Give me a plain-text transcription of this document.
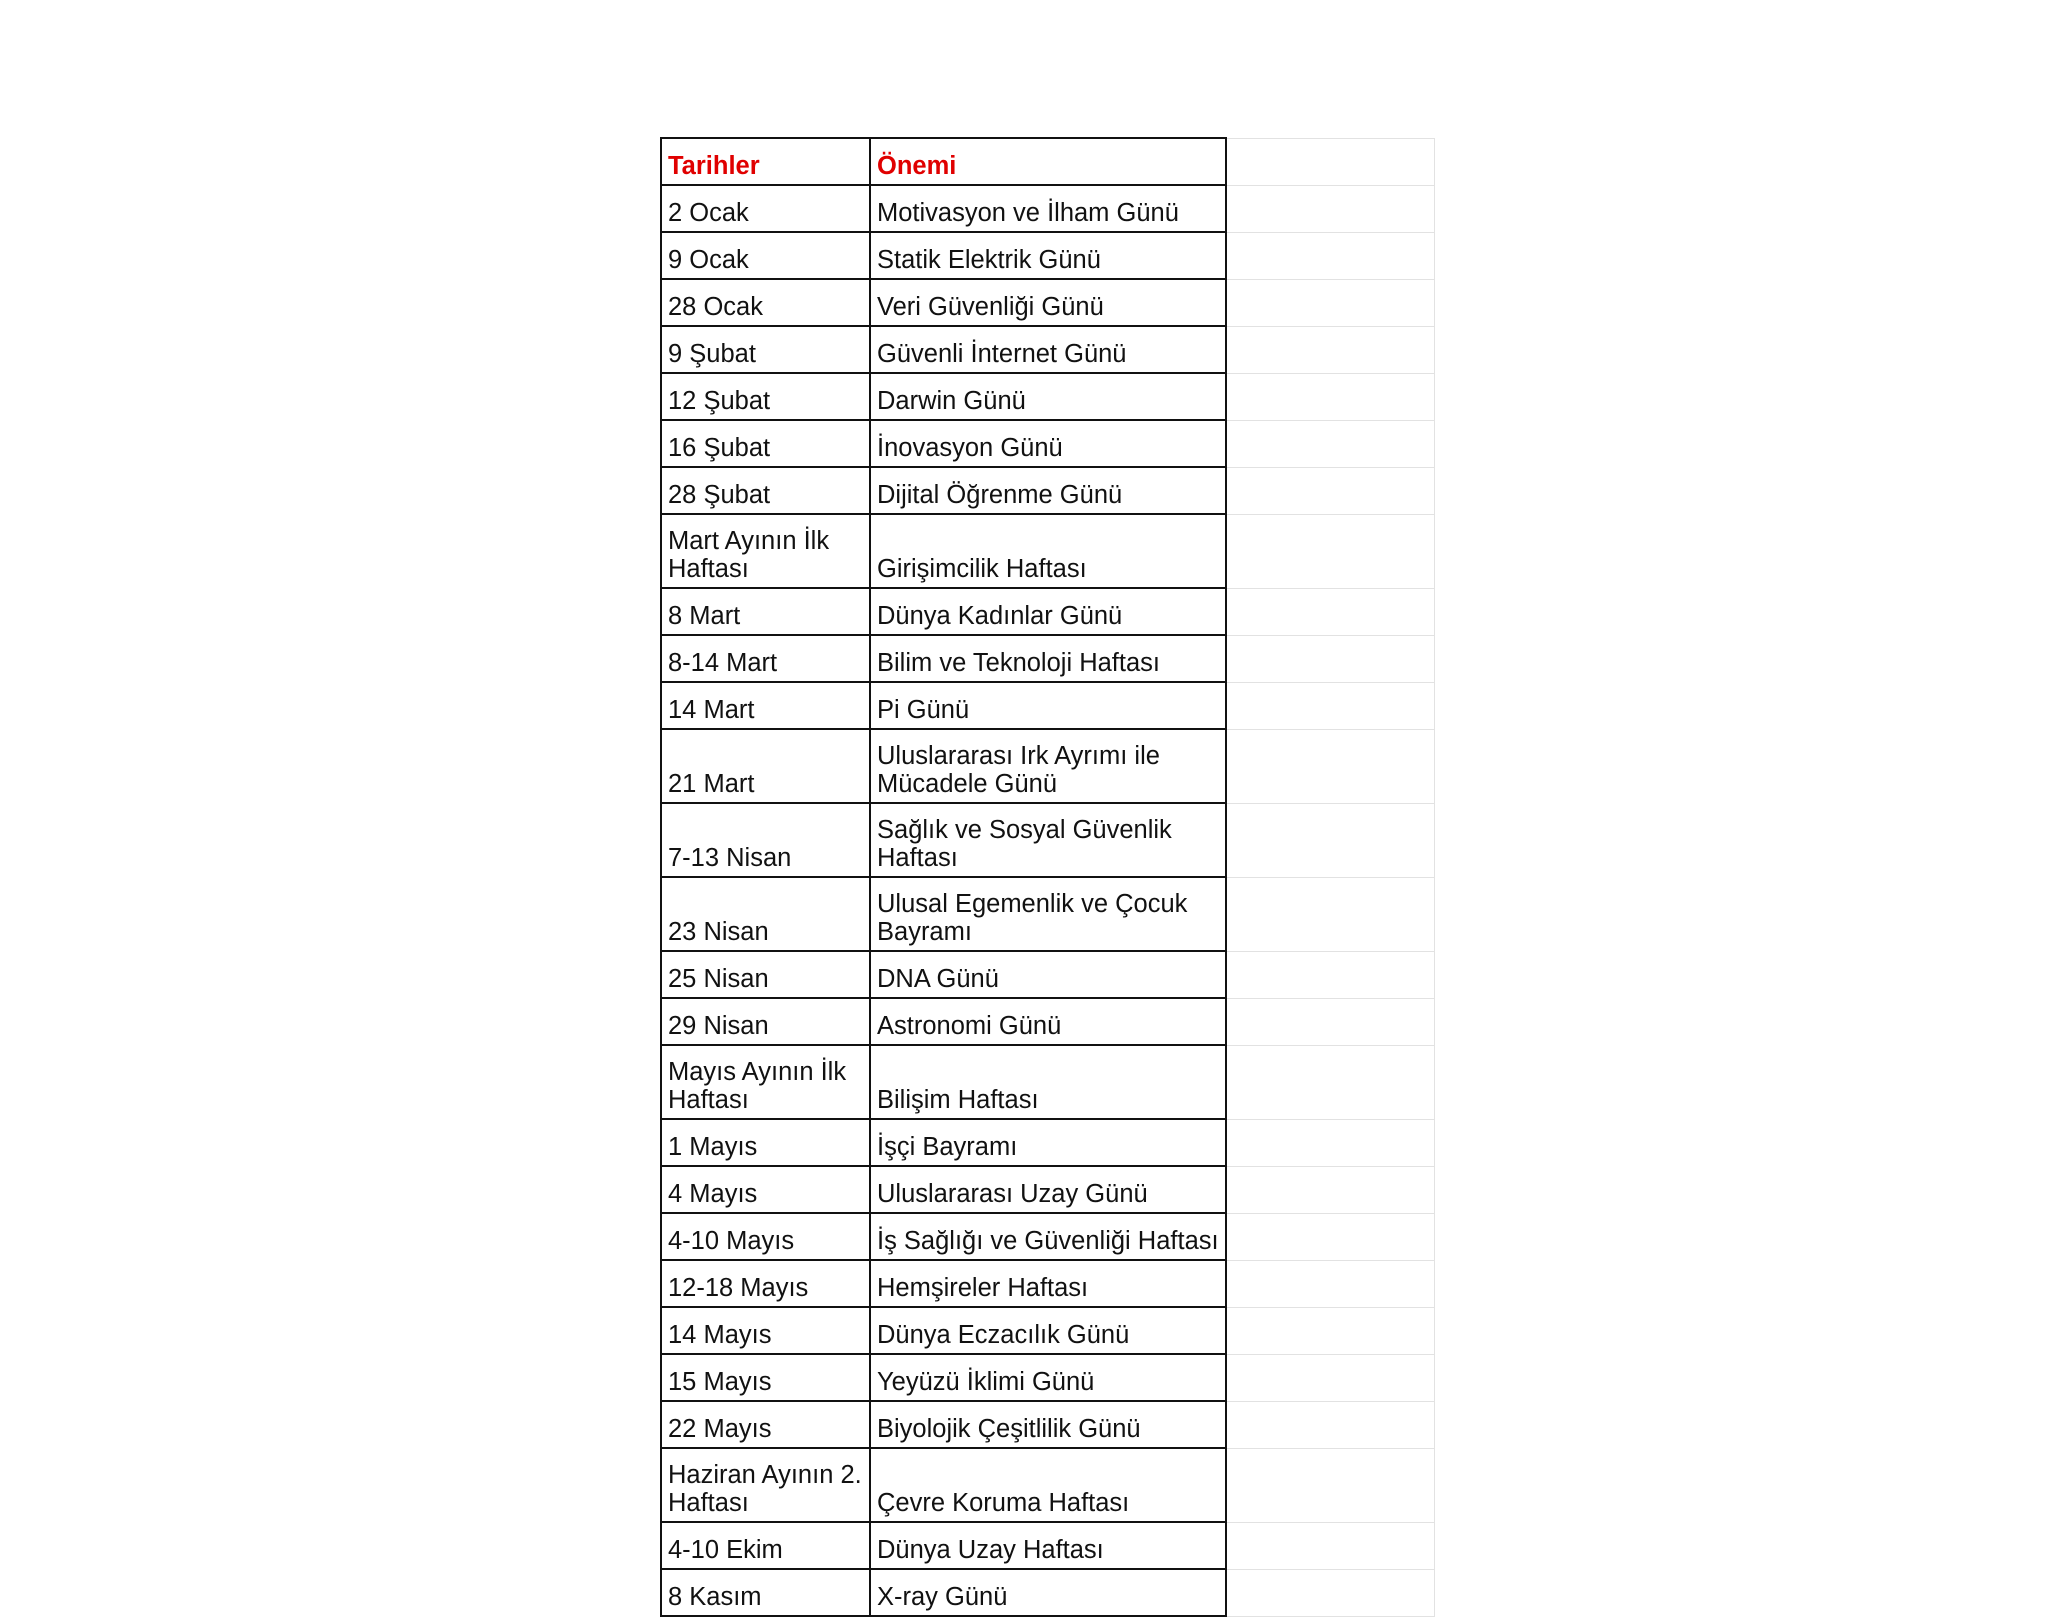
Tarihler	Önemi	
2 Ocak	Motivasyon ve İlham Günü	
9 Ocak	Statik Elektrik Günü	
28 Ocak	Veri Güvenliği Günü	
9 Şubat	Güvenli İnternet Günü	
12 Şubat	Darwin Günü	
16 Şubat	İnovasyon Günü	
28 Şubat	Dijital Öğrenme Günü	
Mart Ayının İlk Haftası	Girişimcilik Haftası	
8 Mart	Dünya Kadınlar Günü	
8-14 Mart	Bilim ve Teknoloji Haftası	
14 Mart	Pi Günü	
21 Mart	Uluslararası Irk Ayrımı ile Mücadele Günü	
7-13 Nisan	Sağlık ve Sosyal Güvenlik Haftası	
23 Nisan	Ulusal Egemenlik ve Çocuk Bayramı	
25 Nisan	DNA Günü	
29 Nisan	Astronomi Günü	
Mayıs Ayının İlk Haftası	Bilişim Haftası	
1 Mayıs	İşçi Bayramı	
4 Mayıs	Uluslararası Uzay Günü	
4-10 Mayıs	İş Sağlığı ve Güvenliği Haftası	
12-18 Mayıs	Hemşireler Haftası	
14 Mayıs	Dünya Eczacılık Günü	
15 Mayıs	Yeyüzü İklimi Günü	
22 Mayıs	Biyolojik Çeşitlilik Günü	
Haziran Ayının 2. Haftası	Çevre Koruma Haftası	
4-10 Ekim	Dünya Uzay Haftası	
8 Kasım	X-ray Günü	
